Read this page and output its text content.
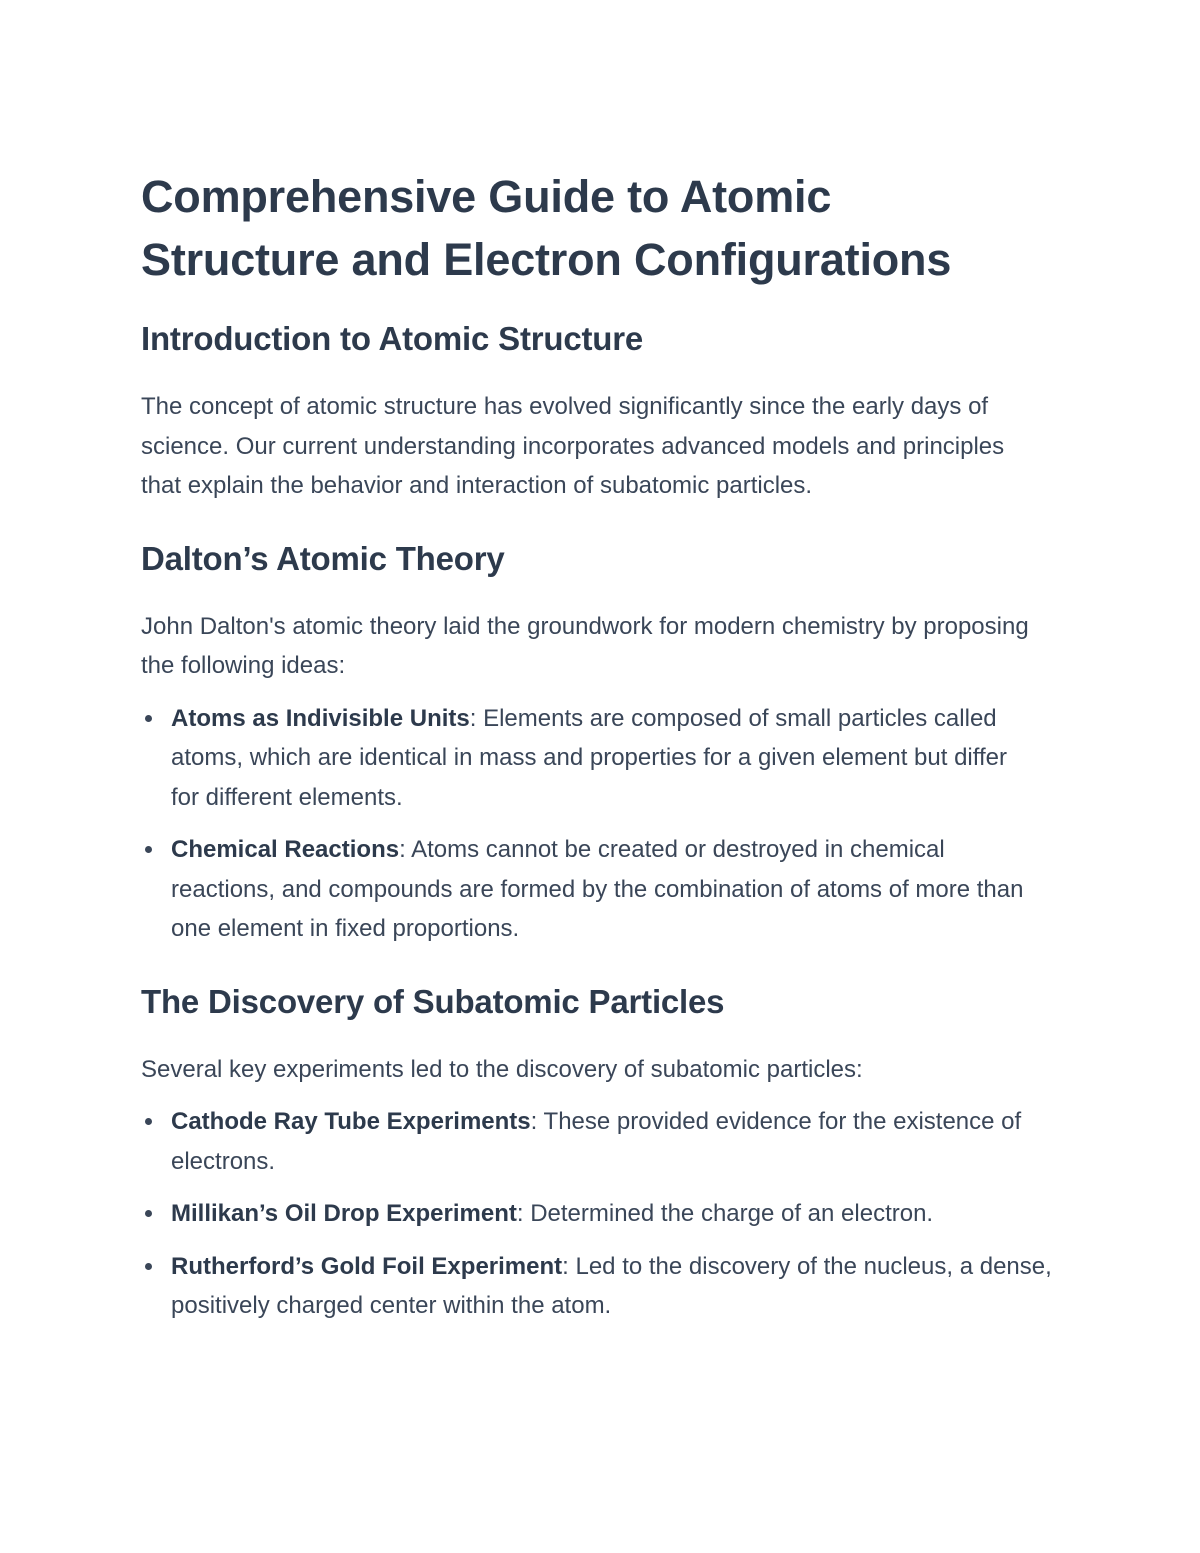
Comprehensive Guide to Atomic Structure and Electron Configurations
Introduction to Atomic Structure

The concept of atomic structure has evolved significantly since the early days of science. Our current understanding incorporates advanced models and principles that explain the behavior and interaction of subatomic particles.

Dalton’s Atomic Theory

John Dalton's atomic theory laid the groundwork for modern chemistry by proposing the following ideas:

Atoms as Indivisible Units: Elements are composed of small particles called atoms, which are identical in mass and properties for a given element but differ for different elements.
Chemical Reactions: Atoms cannot be created or destroyed in chemical reactions, and compounds are formed by the combination of atoms of more than one element in fixed proportions.
The Discovery of Subatomic Particles

Several key experiments led to the discovery of subatomic particles:

Cathode Ray Tube Experiments: These provided evidence for the existence of electrons.
Millikan’s Oil Drop Experiment: Determined the charge of an electron.
Rutherford’s Gold Foil Experiment: Led to the discovery of the nucleus, a dense, positively charged center within the atom.
